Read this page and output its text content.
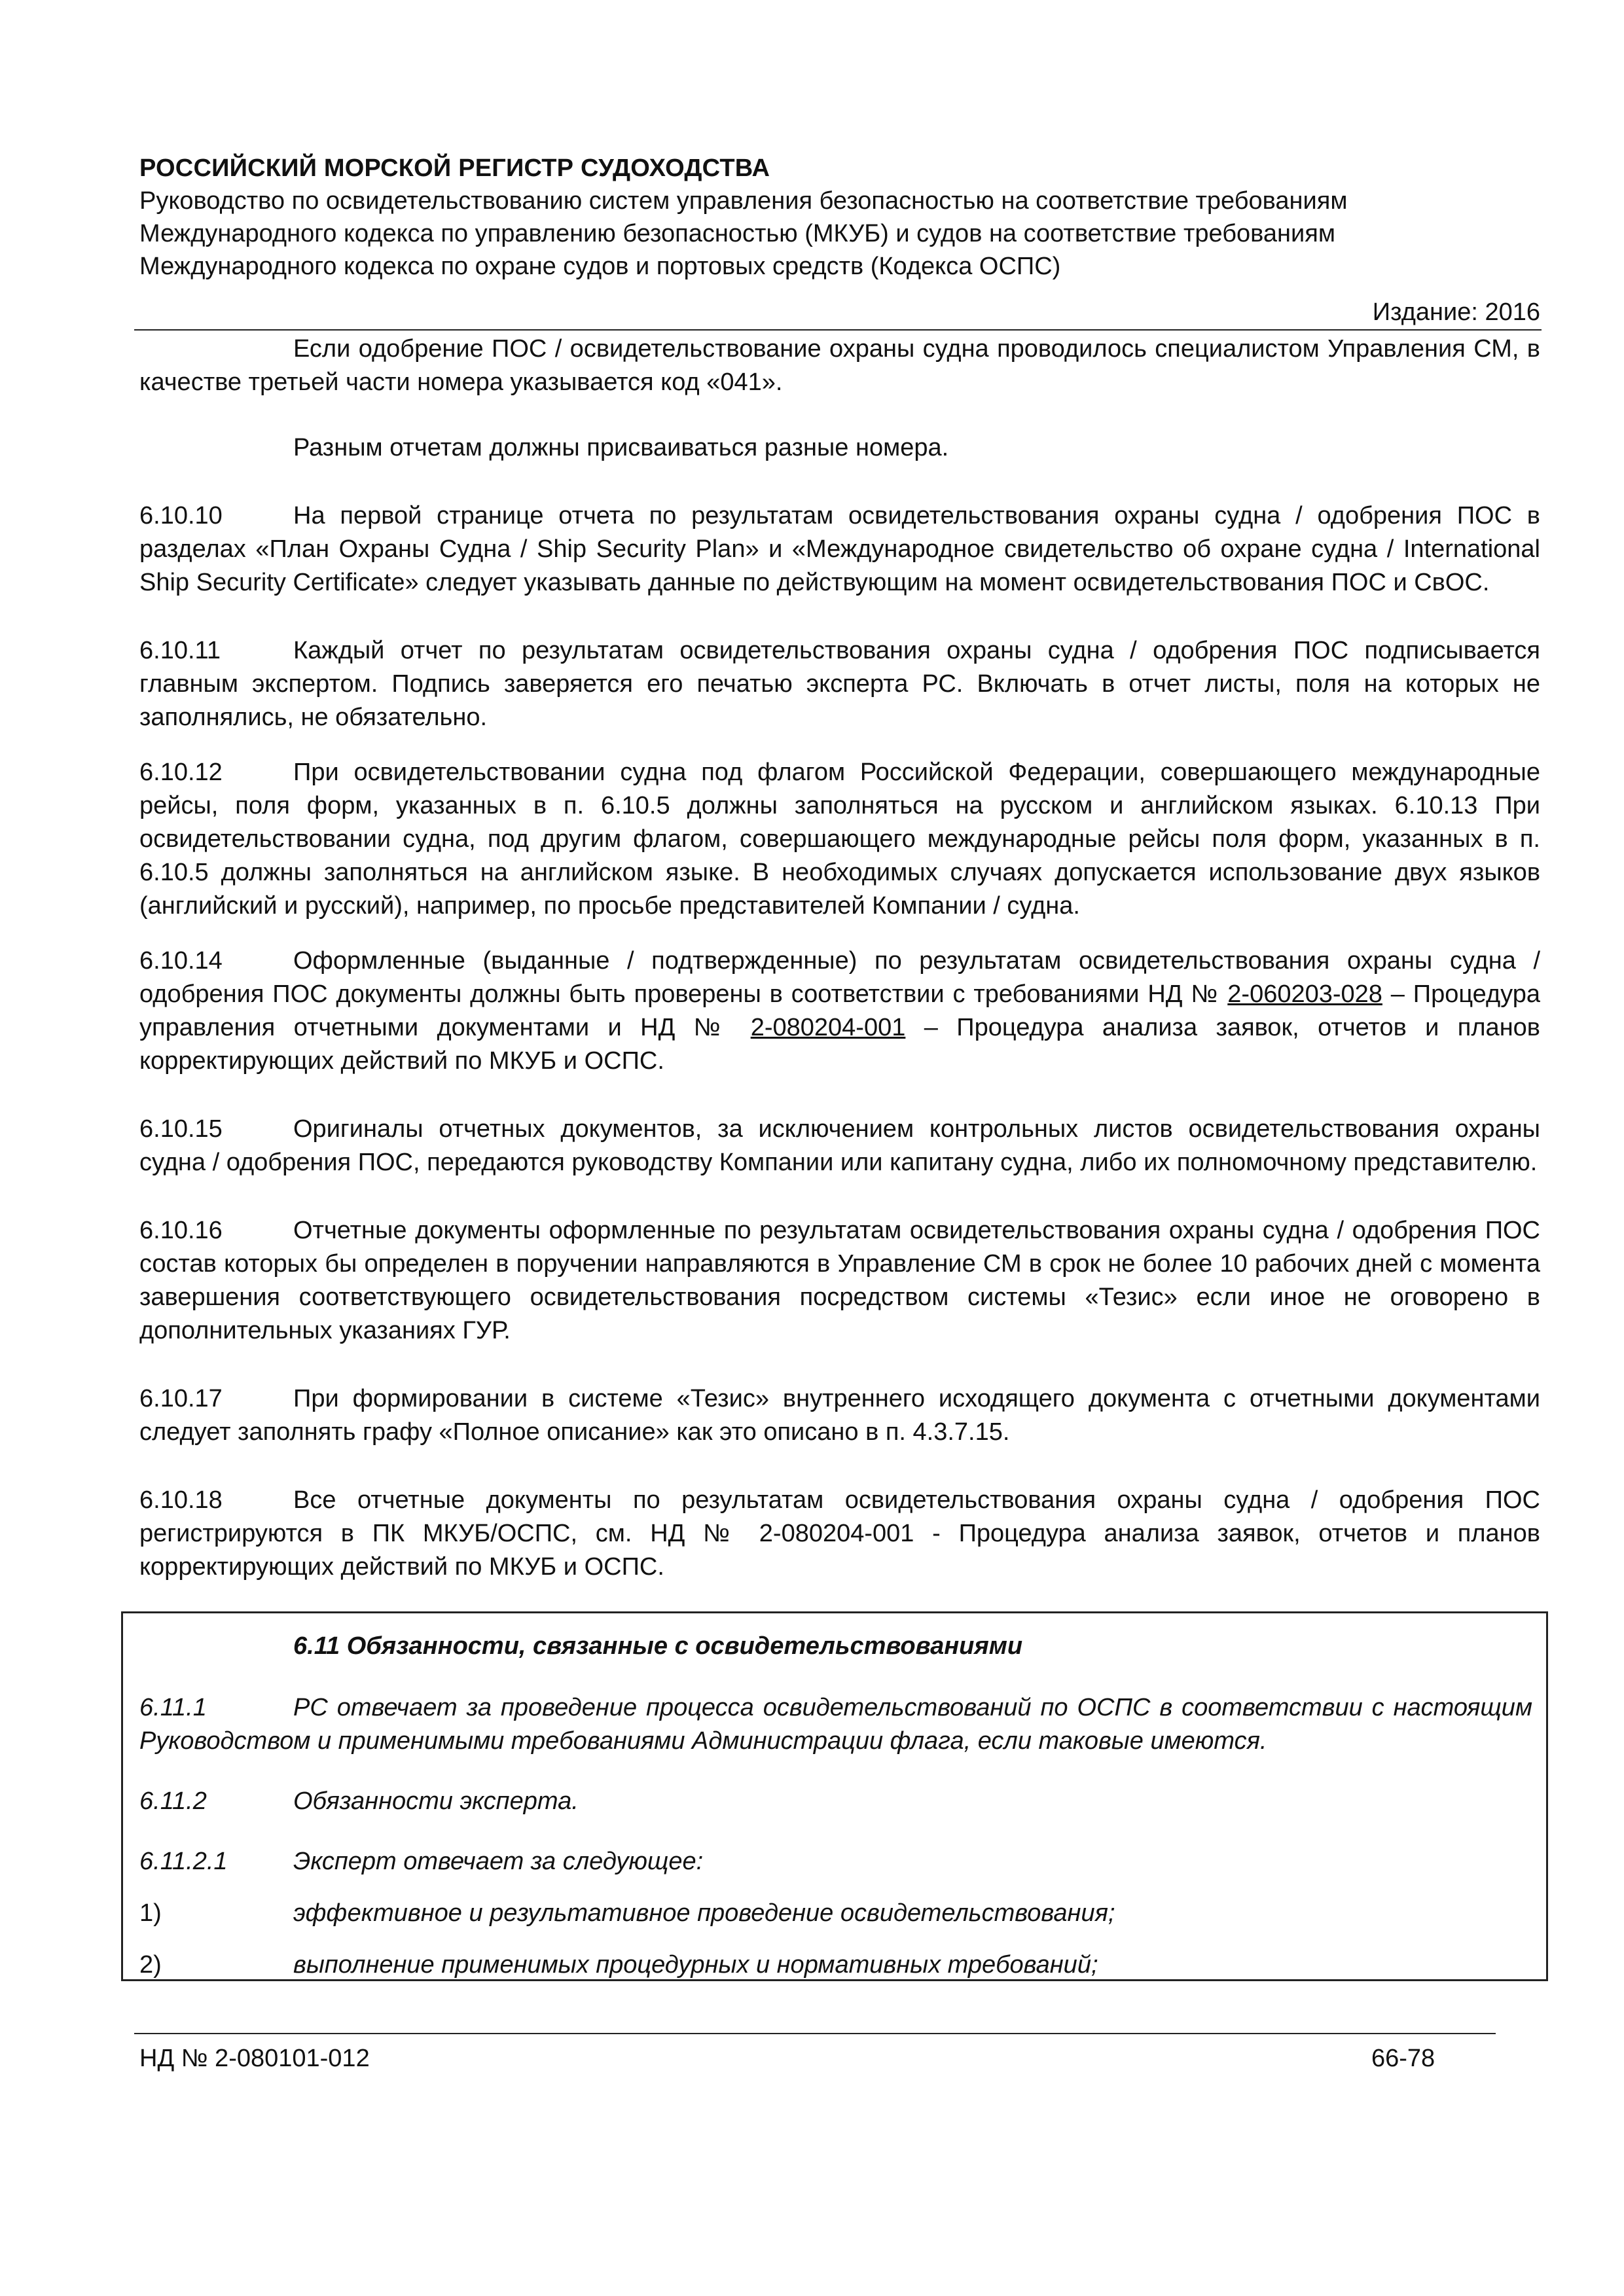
РОССИЙСКИЙ МОРСКОЙ РЕГИСТР СУДОХОДСТВА

Руководство по освидетельствованию систем управления безопасностью на соответствие требованиям

Международного кодекса по управлению безопасностью (МКУБ) и судов на соответствие требованиям

Международного кодекса по охране судов и портовых средств (Кодекса ОСПС)

Издание: 2016

Если одобрение ПОС / освидетельствование охраны судна проводилось специалистом Управления СМ, в качестве третьей части номера указывается код «041».

Разным отчетам должны присваиваться разные номера.

6.10.10	На первой странице отчета по результатам освидетельствования охраны судна / одобрения ПОС в разделах «План Охраны Судна / Ship Security Plan» и «Международное свидетельство об охране судна / International Ship Security Certificate» следует указывать данные по действующим на момент освидетельствования ПОС и СвОС.

6.10.11	Каждый отчет по результатам освидетельствования охраны судна / одобрения ПОС подписывается главным экспертом. Подпись заверяется его печатью эксперта РС. Включать в отчет листы, поля на которых не заполнялись, не обязательно.

6.10.12	При освидетельствовании судна под флагом Российской Федерации, совершающего международные рейсы, поля форм, указанных в п. 6.10.5 должны заполняться на русском и английском языках. 6.10.13 При освидетельствовании судна, под другим флагом, совершающего международные рейсы поля форм, указанных в п. 6.10.5 должны заполняться на английском языке. В необходимых случаях допускается использование двух языков (английский и русский), например, по просьбе представителей Компании / судна.

6.10.14	Оформленные (выданные / подтвержденные) по результатам освидетельствования охраны судна / одобрения ПОС документы должны быть проверены в соответствии с требованиями НД № 2-060203-028 – Процедура управления отчетными документами и НД № 2-080204-001 – Процедура анализа заявок, отчетов и планов корректирующих действий по МКУБ и ОСПС.

6.10.15	Оригиналы отчетных документов, за исключением контрольных листов освидетельствования охраны судна / одобрения ПОС, передаются руководству Компании или капитану судна, либо их полномочному представителю.

6.10.16	Отчетные документы оформленные по результатам освидетельствования охраны судна / одобрения ПОС состав которых бы определен в поручении направляются в Управление СМ в срок не более 10 рабочих дней с момента завершения соответствующего освидетельствования посредством системы «Тезис» если иное не оговорено в дополнительных указаниях ГУР.

6.10.17	При формировании в системе «Тезис» внутреннего исходящего документа с отчетными документами следует заполнять графу «Полное описание» как это описано в п. 4.3.7.15.

6.10.18	Все отчетные документы по результатам освидетельствования охраны судна / одобрения ПОС регистрируются в ПК МКУБ/ОСПС, см. НД № 2-080204-001 - Процедура анализа заявок, отчетов и планов корректирующих действий по МКУБ и ОСПС.

6.11 Обязанности, связанные с освидетельствованиями

6.11.1	РС отвечает за проведение процесса освидетельствований по ОСПС в соответствии с настоящим Руководством и применимыми требованиями Администрации флага, если таковые имеются.

6.11.2	Обязанности эксперта.

6.11.2.1	Эксперт отвечает за следующее:

1)	эффективное и результативное проведение освидетельствования;
2)	выполнение применимых процедурных и нормативных требований;
НД № 2-080101-012	66-78
